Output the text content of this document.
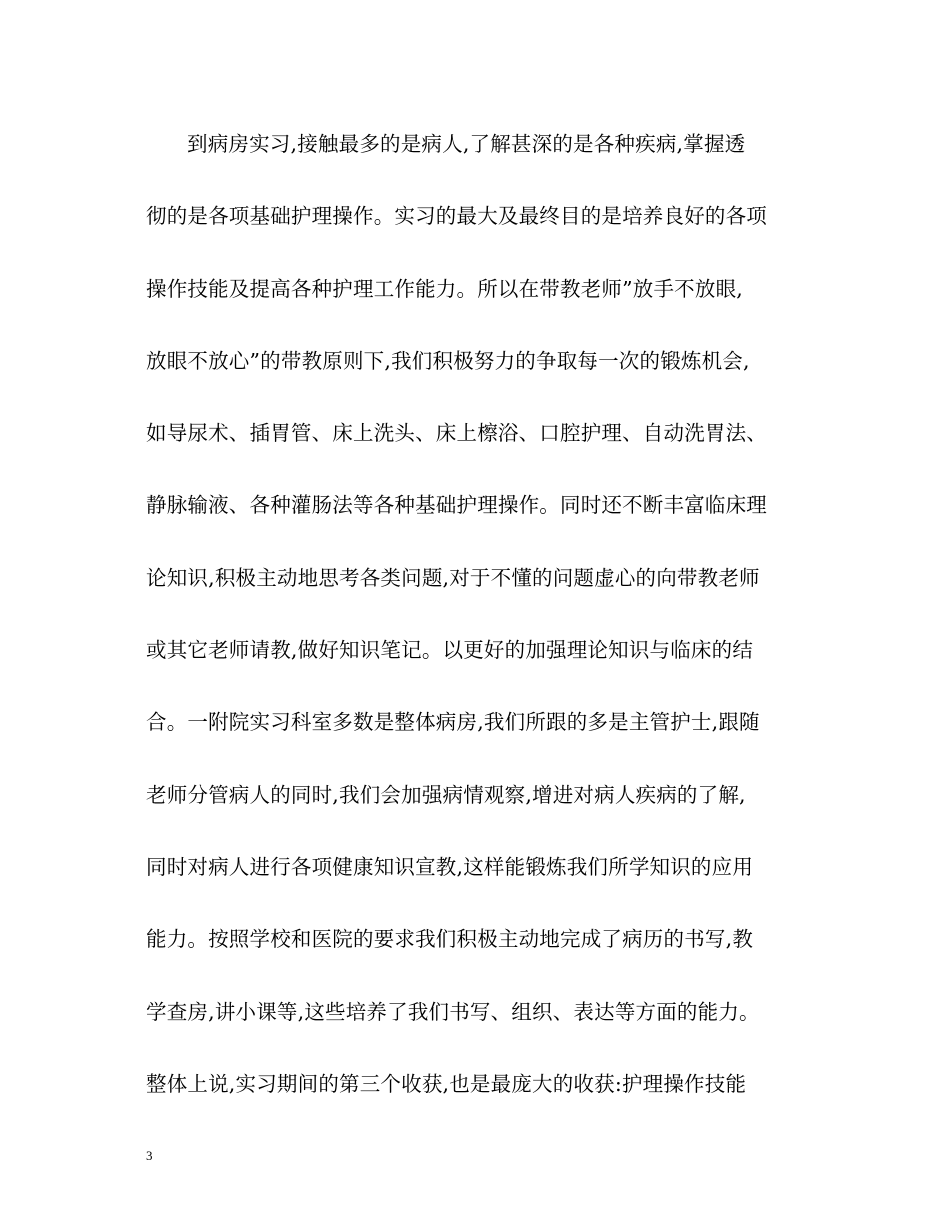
到病房实习,接触最多的是病人,了解甚深的是各种疾病,掌握透
彻的是各项基础护理操作。实习的最大及最终目的是培养良好的各项
操作技能及提高各种护理工作能力。所以在带教老师”放手不放眼,
放眼不放心”的带教原则下,我们积极努力的争取每一次的锻炼机会,
如导尿术、插胃管、床上洗头、床上檫浴、口腔护理、自动洗胃法、
静脉输液、各种灌肠法等各种基础护理操作。同时还不断丰富临床理
论知识,积极主动地思考各类问题,对于不懂的问题虚心的向带教老师
或其它老师请教,做好知识笔记。以更好的加强理论知识与临床的结
合。一附院实习科室多数是整体病房,我们所跟的多是主管护士,跟随
老师分管病人的同时,我们会加强病情观察,增进对病人疾病的了解,
同时对病人进行各项健康知识宣教,这样能锻炼我们所学知识的应用
能力。按照学校和医院的要求我们积极主动地完成了病历的书写,教
学查房,讲小课等,这些培养了我们书写、组织、表达等方面的能力。
整体上说,实习期间的第三个收获,也是最庞大的收获:护理操作技能
3
